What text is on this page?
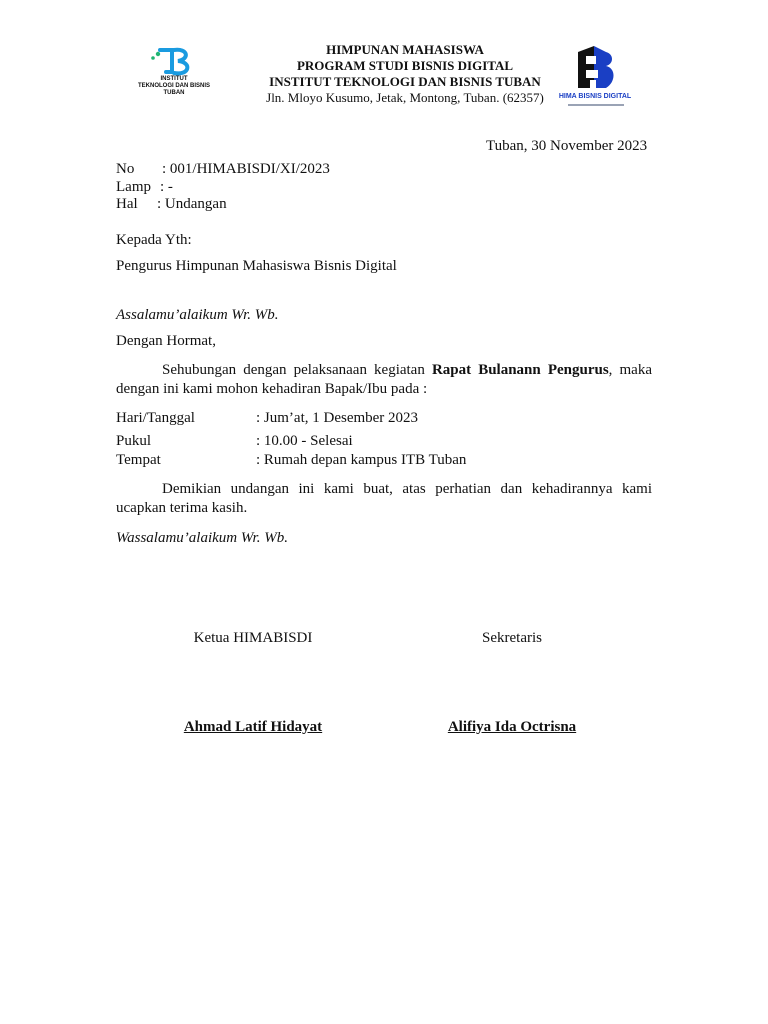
INSTITUT
TEKNOLOGI DAN BISNIS
TUBAN
HIMPUNAN MAHASISWA
PROGRAM STUDI BISNIS DIGITAL
INSTITUT TEKNOLOGI DAN BISNIS TUBAN
Jln. Mloyo Kusumo, Jetak, Montong, Tuban. (62357)	HIMA BISNIS DIGITAL
Tuban, 30 November 2023
No : 001/HIMABISDI/XI/2023
Lamp : -
Hal : Undangan
Kepada Yth:
Pengurus Himpunan Mahasiswa Bisnis Digital
Assalamu’alaikum Wr. Wb.
Dengan Hormat,
Sehubungan dengan pelaksanaan kegiatan Rapat Bulanann Pengurus, maka dengan ini kami mohon kehadiran Bapak/Ibu pada :
Hari/Tanggal	: Jum’at, 1 Desember 2023
Pukul	: 10.00 - Selesai
Tempat	: Rumah depan kampus ITB Tuban
Demikian undangan ini kami buat, atas perhatian dan kehadirannya kami ucapkan terima kasih.
Wassalamu’alaikum Wr. Wb.
Ketua HIMABISDI	Sekretaris
Ahmad Latif Hidayat	Alifiya Ida Octrisna
